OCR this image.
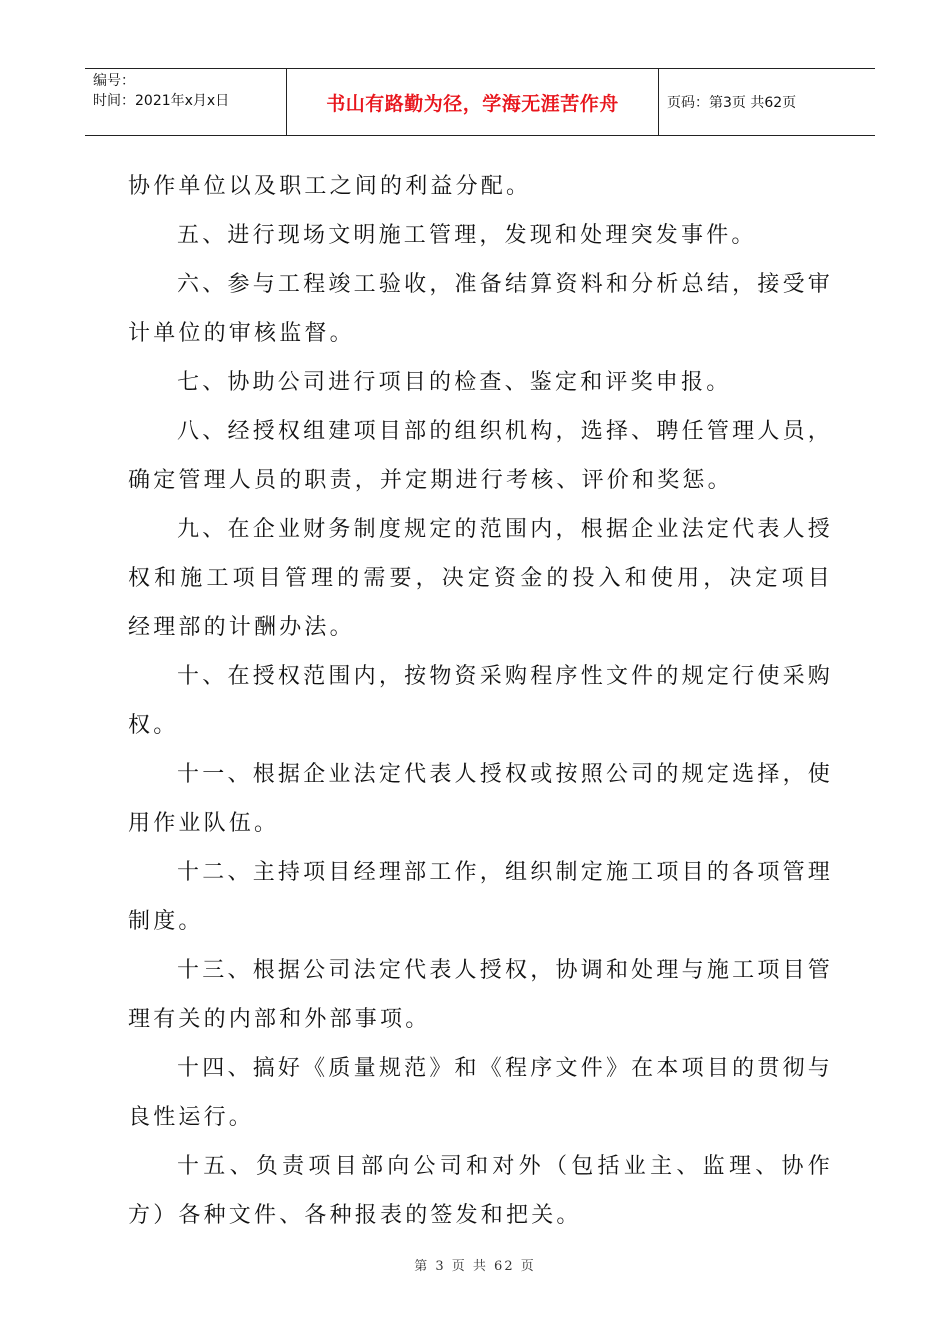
编号：
时间：2021年x月x日	书山有路勤为径，学海无涯苦作舟	页码：第3页 共62页

协作单位以及职工之间的利益分配。

五、进行现场文明施工管理，发现和处理突发事件。

六、参与工程竣工验收，准备结算资料和分析总结，接受审计单位的审核监督。

七、协助公司进行项目的检查、鉴定和评奖申报。

八、经授权组建项目部的组织机构，选择、聘任管理人员，确定管理人员的职责，并定期进行考核、评价和奖惩。

九、在企业财务制度规定的范围内，根据企业法定代表人授权和施工项目管理的需要，决定资金的投入和使用，决定项目经理部的计酬办法。

十、在授权范围内，按物资采购程序性文件的规定行使采购权。

十一、根据企业法定代表人授权或按照公司的规定选择，使用作业队伍。

十二、主持项目经理部工作，组织制定施工项目的各项管理制度。

十三、根据公司法定代表人授权，协调和处理与施工项目管理有关的内部和外部事项。

十四、搞好《质量规范》和《程序文件》在本项目的贯彻与良性运行。

十五、负责项目部向公司和对外（包括业主、监理、协作方）各种文件、各种报表的签发和把关。

第 3 页 共 62 页
